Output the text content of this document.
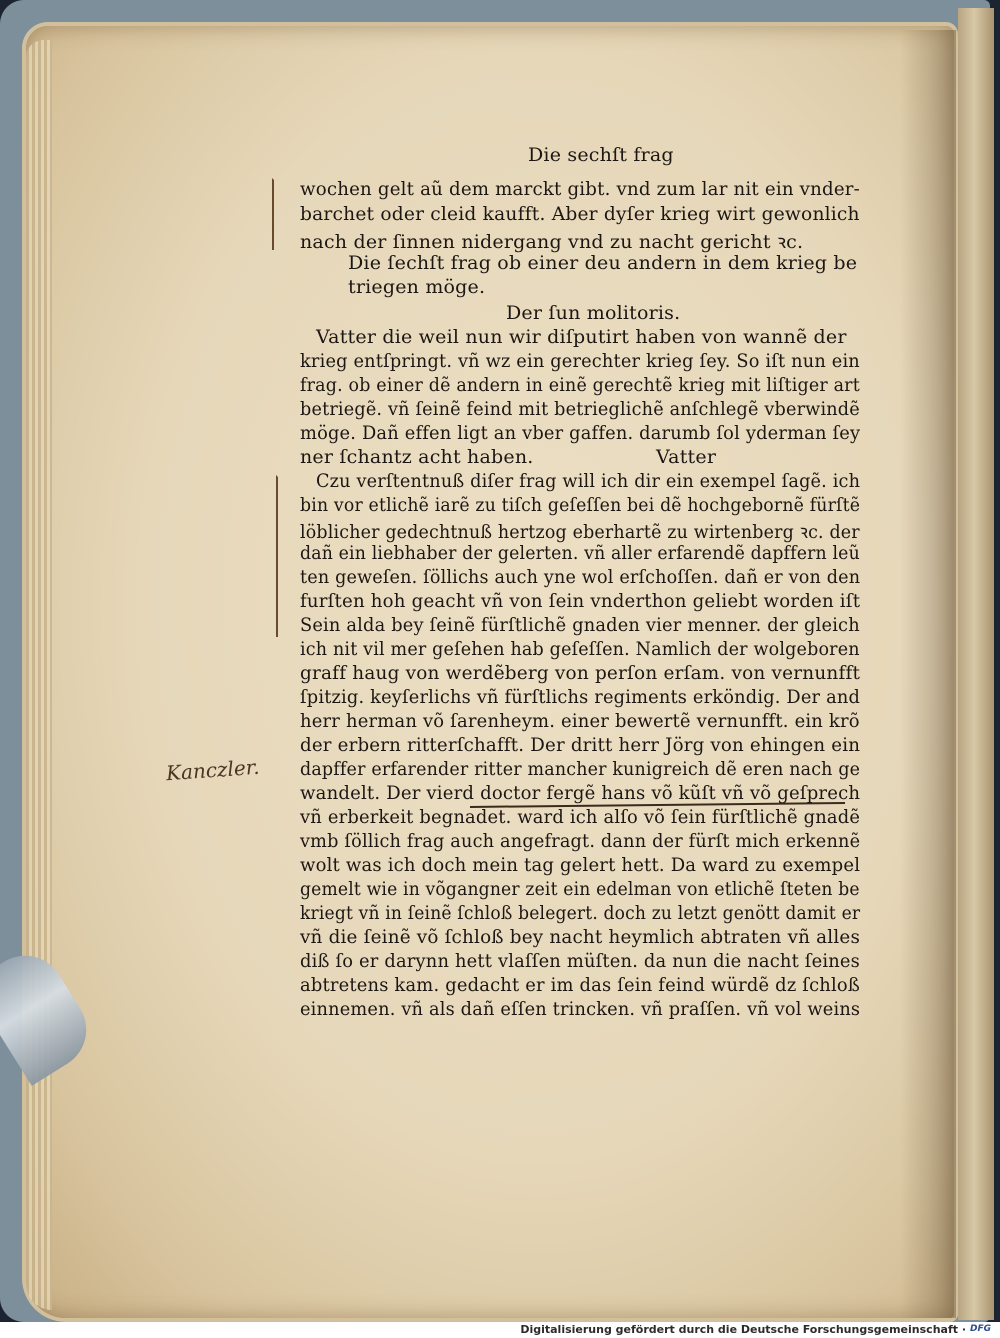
Kanczler.
Die sechſt frag
wochen gelt aũ dem marckt gibt. vnd zum lar nit ein vnder-
barchet oder cleid kaufft. Aber dyſer krieg wirt gewonlich
nach der ſinnen nidergang vnd zu nacht gericht ꝛc.
Die ſechſt frag ob einer deu andern in dem krieg be
triegen möge.
Der ſun molitoris.
Vatter die weil nun wir diſputirt haben von wannẽ der
krieg entſpringt. vñ wz ein gerechter krieg ſey. So iſt nun ein
frag. ob einer dẽ andern in einẽ gerechtẽ krieg mit liſtiger art
betriegẽ. vñ ſeinẽ feind mit betrieglichẽ anſchlegẽ vberwindẽ
möge. Dañ effen ligt an vber gaffen. darumb ſol yderman ſey
ner ſchantz acht haben.	Vatter
Czu verſtentnuß diſer frag will ich dir ein exempel ſagẽ. ich
bin vor etlichẽ iarẽ zu tiſch geſeſſen bei dẽ hochgebornẽ fürſtẽ
löblicher gedechtnuß hertzog eberhartẽ zu wirtenberg ꝛc. der
dañ ein liebhaber der gelerten. vñ aller erfarendẽ dapffern leũ
ten geweſen. ſöllichs auch yne wol erſchoſſen. dañ er von den
furſten hoh geacht vñ von ſein vnderthon geliebt worden iſt
Sein alda bey ſeinẽ fürſtlichẽ gnaden vier menner. der gleich
ich nit vil mer geſehen hab geſeſſen. Namlich der wolgeboren
graff haug von werdẽberg von perſon erſam. von vernunfft
ſpitzig. keyſerlichs vñ fürſtlichs regiments erköndig. Der and
herr herman võ ſarenheym. einer bewertẽ vernunfft. ein krõ
der erbern ritterſchafft. Der dritt herr Jörg von ehingen ein
dapffer erfarender ritter mancher kunigreich dẽ eren nach ge
wandelt. Der vierd doctor fergẽ hans võ kũſt vñ võ geſprech
vñ erberkeit begnadet. ward ich alſo võ ſein fürſtlichẽ gnadẽ
vmb ſöllich frag auch angefragt. dann der fürſt mich erkennẽ
wolt was ich doch mein tag gelert hett. Da ward zu exempel
gemelt wie in võgangner zeit ein edelman von etlichẽ ſteten be
kriegt vñ in ſeinẽ ſchloß belegert. doch zu letzt genött damit er
vñ die ſeinẽ võ ſchloß bey nacht heymlich abtraten vñ alles
diß ſo er darynn hett vlaſſen müſten. da nun die nacht ſeines
abtretens kam. gedacht er im das ſein feind würdẽ dz ſchloß
einnemen. vñ als dañ eſſen trincken. vñ praſſen. vñ vol weins
Digitalisierung gefördert durch die Deutsche Forschungsgemeinschaft · DFG
